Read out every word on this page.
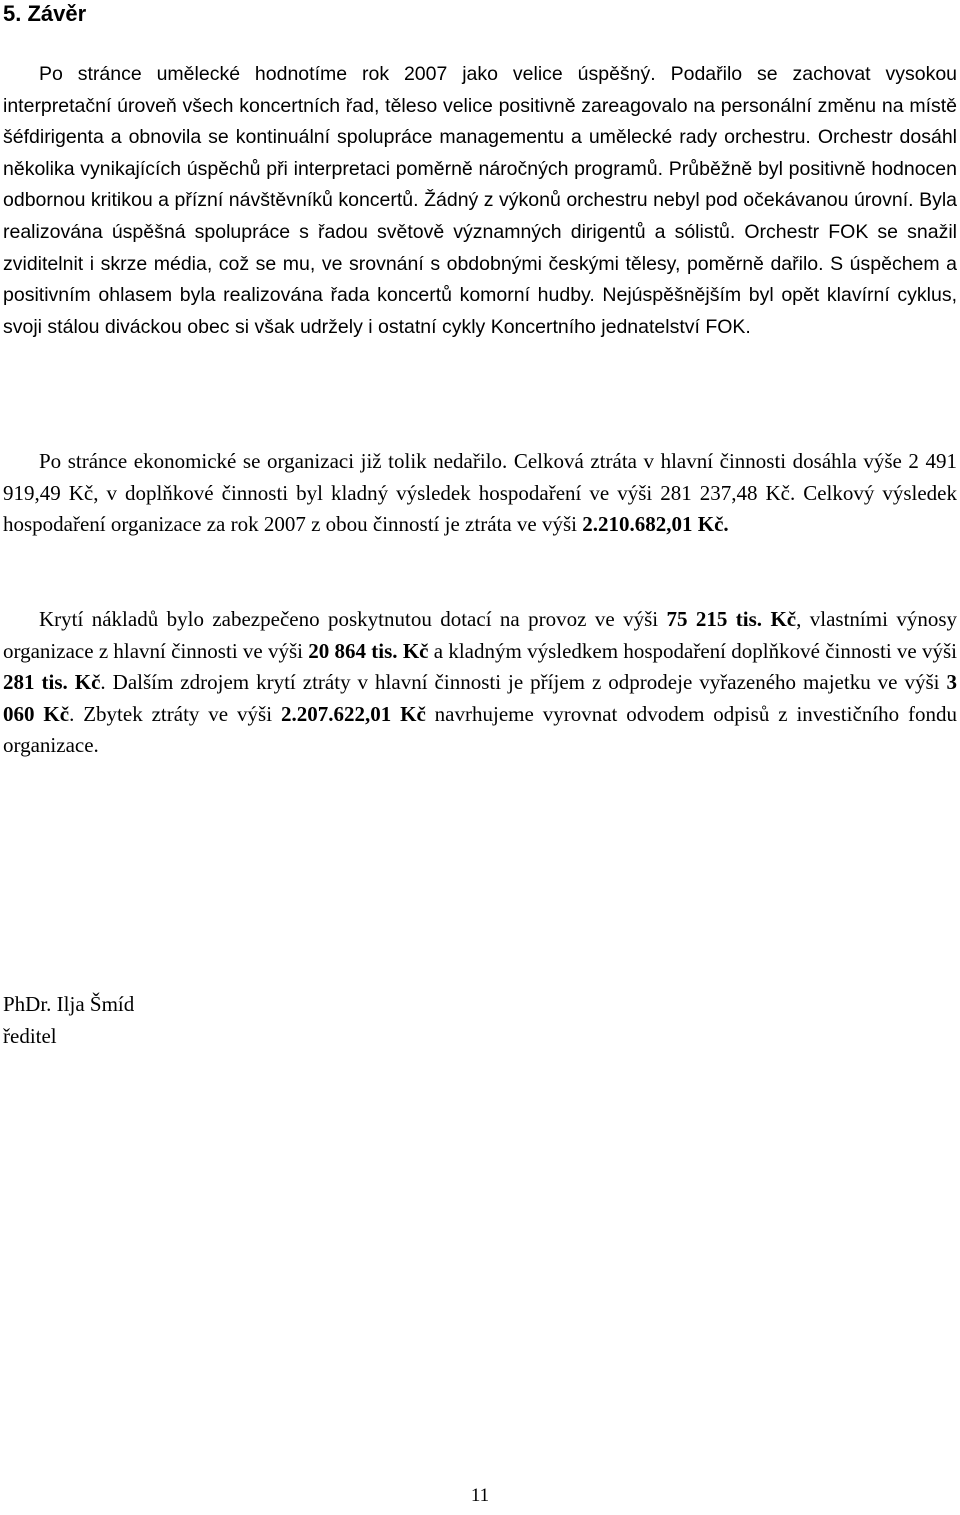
5. Závěr

Po stránce umělecké hodnotíme rok 2007 jako velice úspěšný. Podařilo se zachovat vysokou interpretační úroveň všech koncertních řad, těleso velice positivně zareagovalo na personální změnu na místě šéfdirigenta a obnovila se kontinuální spolupráce managementu a umělecké rady orchestru. Orchestr dosáhl několika vynikajících úspěchů při interpretaci poměrně náročných programů. Průběžně byl positivně hodnocen odbornou kritikou a přízní návštěvníků koncertů. Žádný z výkonů orchestru nebyl pod očekávanou úrovní. Byla realizována úspěšná spolupráce s řadou světově významných dirigentů a sólistů. Orchestr FOK se snažil zviditelnit i skrze média, což se mu, ve srovnání s obdobnými českými tělesy, poměrně dařilo. S úspěchem a positivním ohlasem byla realizována řada koncertů komorní hudby. Nejúspěšnějším byl opět klavírní cyklus, svoji stálou diváckou obec si však udržely i ostatní cykly Koncertního jednatelství FOK.

Po stránce ekonomické se organizaci již tolik nedařilo. Celková ztráta v hlavní činnosti dosáhla výše 2 491 919,49 Kč, v doplňkové činnosti byl kladný výsledek hospodaření ve výši 281 237,48 Kč. Celkový výsledek hospodaření organizace za rok 2007 z obou činností je ztráta ve výši 2.210.682,01 Kč.

Krytí nákladů bylo zabezpečeno poskytnutou dotací na provoz ve výši 75 215 tis. Kč, vlastními výnosy organizace z hlavní činnosti ve výši 20 864 tis. Kč a kladným výsledkem hospodaření doplňkové činnosti ve výši 281 tis. Kč. Dalším zdrojem krytí ztráty v hlavní činnosti je příjem z odprodeje vyřazeného majetku ve výši 3 060 Kč. Zbytek ztráty ve výši 2.207.622,01 Kč navrhujeme vyrovnat odvodem odpisů z investičního fondu organizace.

PhDr. Ilja Šmíd
ředitel
11
